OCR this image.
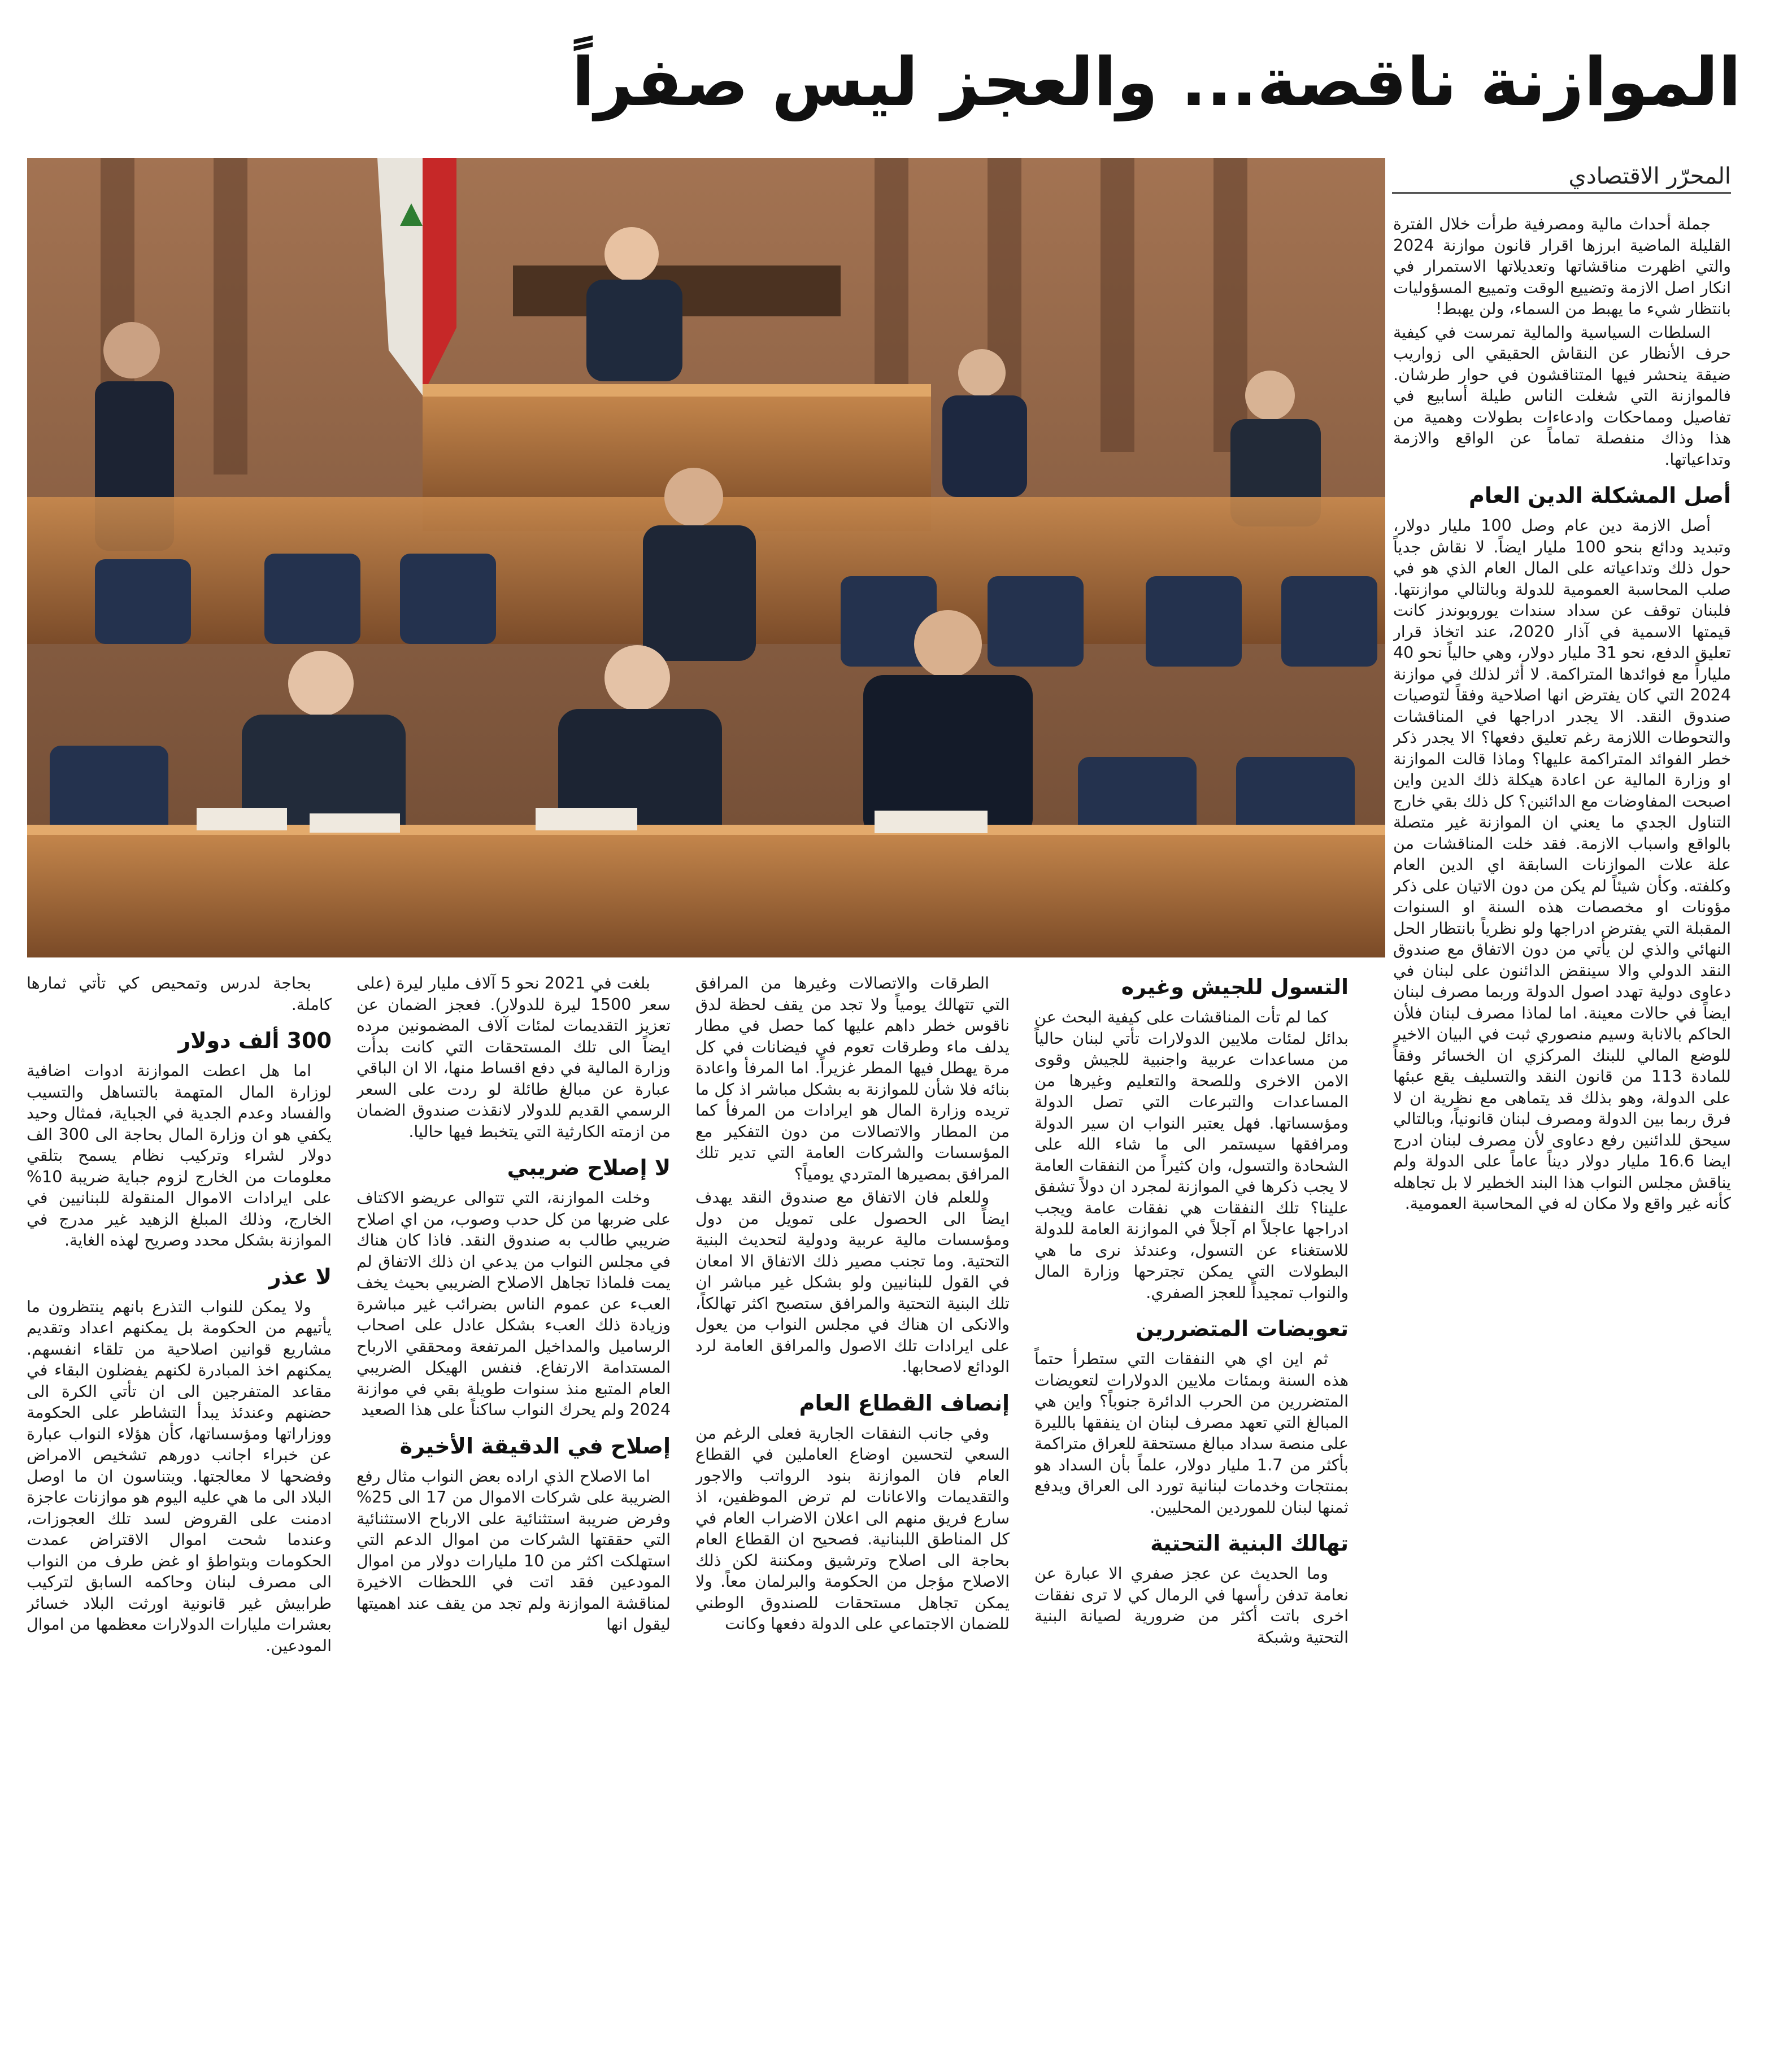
الموازنة ناقصة... والعجز ليس صفراً
المحرّر الاقتصادي

جملة أحداث مالية ومصرفية طرأت خلال الفترة القليلة الماضية ابرزها اقرار قانون موازنة 2024 والتي اظهرت مناقشاتها وتعديلاتها الاستمرار في انكار اصل الازمة وتضييع الوقت وتمييع المسؤوليات بانتظار شيء ما يهبط من السماء، ولن يهبط!

السلطات السياسية والمالية تمرست في كيفية حرف الأنظار عن النقاش الحقيقي الى زواريب ضيقة ينحشر فيها المتناقشون في حوار طرشان. فالموازنة التي شغلت الناس طيلة أسابيع في تفاصيل ومماحكات وادعاءات بطولات وهمية من هذا وذاك منفصلة تماماً عن الواقع والازمة وتداعياتها.

أصل المشكلة الدين العام

أصل الازمة دين عام وصل 100 مليار دولار، وتبديد ودائع بنحو 100 مليار ايضاً. لا نقاش جدياً حول ذلك وتداعياته على المال العام الذي هو في صلب المحاسبة العمومية للدولة وبالتالي موازنتها. فلبنان توقف عن سداد سندات يوروبوندز كانت قيمتها الاسمية في آذار 2020، عند اتخاذ قرار تعليق الدفع، نحو 31 مليار دولار، وهي حالياً نحو 40 ملياراً مع فوائدها المتراكمة. لا أثر لذلك في موازنة 2024 التي كان يفترض انها اصلاحية وفقاً لتوصيات صندوق النقد. الا يجدر ادراجها في المناقشات والتحوطات اللازمة رغم تعليق دفعها؟ الا يجدر ذكر خطر الفوائد المتراكمة عليها؟ وماذا قالت الموازنة او وزارة المالية عن اعادة هيكلة ذلك الدين واين اصبحت المفاوضات مع الدائنين؟ كل ذلك بقي خارج التناول الجدي ما يعني ان الموازنة غير متصلة بالواقع واسباب الازمة. فقد خلت المناقشات من علة علات الموازنات السابقة اي الدين العام وكلفته. وكأن شيئاً لم يكن من دون الاتيان على ذكر مؤونات او مخصصات هذه السنة او السنوات المقبلة التي يفترض ادراجها ولو نظرياً بانتظار الحل النهائي والذي لن يأتي من دون الاتفاق مع صندوق النقد الدولي والا سينقض الدائنون على لبنان في دعاوى دولية تهدد اصول الدولة وربما مصرف لبنان ايضاً في حالات معينة. اما لماذا مصرف لبنان فلأن الحاكم بالانابة وسيم منصوري ثبت في البيان الاخير للوضع المالي للبنك المركزي ان الخسائر وفقاً للمادة 113 من قانون النقد والتسليف يقع عبئها على الدولة، وهو بذلك قد يتماهى مع نظرية ان لا فرق ربما بين الدولة ومصرف لبنان قانونياً، وبالتالي سيحق للدائنين رفع دعاوى لأن مصرف لبنان ادرج ايضا 16.6 مليار دولار ديناً عاماً على الدولة ولم يناقش مجلس النواب هذا البند الخطير لا بل تجاهله كأنه غير واقع ولا مكان له في المحاسبة العمومية.

التسول للجيش وغيره

كما لم تأت المناقشات على كيفية البحث عن بدائل لمئات ملايين الدولارات تأتي لبنان حالياً من مساعدات عربية واجنبية للجيش وقوى الامن الاخرى وللصحة والتعليم وغيرها من المساعدات والتبرعات التي تصل الدولة ومؤسساتها. فهل يعتبر النواب ان سير الدولة ومرافقها سيستمر الى ما شاء الله على الشحادة والتسول، وان كثيراً من النفقات العامة لا يجب ذكرها في الموازنة لمجرد ان دولاً تشفق علينا؟ تلك النفقات هي نفقات عامة ويجب ادراجها عاجلاً ام آجلاً في الموازنة العامة للدولة للاستغناء عن التسول، وعندئذ نرى ما هي البطولات التي يمكن تجترحها وزارة المال والنواب تمجيداً للعجز الصفري.

تعويضات المتضررين

ثم اين اي هي النفقات التي ستطرأ حتماً هذه السنة وبمئات ملايين الدولارات لتعويضات المتضررين من الحرب الدائرة جنوباً؟ واين هي المبالغ التي تعهد مصرف لبنان ان ينفقها بالليرة على منصة سداد مبالغ مستحقة للعراق متراكمة بأكثر من 1.7 مليار دولار، علماً بأن السداد هو بمنتجات وخدمات لبنانية تورد الى العراق ويدفع ثمنها لبنان للموردين المحليين.

تهالك البنية التحتية

وما الحديث عن عجز صفري الا عبارة عن نعامة تدفن رأسها في الرمال كي لا ترى نفقات اخرى باتت أكثر من ضرورية لصيانة البنية التحتية وشبكة

الطرقات والاتصالات وغيرها من المرافق التي تتهالك يومياً ولا تجد من يقف لحظة لدق ناقوس خطر داهم عليها كما حصل في مطار يدلف ماء وطرقات تعوم في فيضانات في كل مرة يهطل فيها المطر غزيراً. اما المرفأ واعادة بنائه فلا شأن للموازنة به بشكل مباشر اذ كل ما تريده وزارة المال هو ايرادات من المرفأ كما من المطار والاتصالات من دون التفكير مع المؤسسات والشركات العامة التي تدير تلك المرافق بمصيرها المتردي يومياً؟

وللعلم فان الاتفاق مع صندوق النقد يهدف ايضاً الى الحصول على تمويل من دول ومؤسسات مالية عربية ودولية لتحديث البنية التحتية. وما تجنب مصير ذلك الاتفاق الا امعان في القول للبنانيين ولو بشكل غير مباشر ان تلك البنية التحتية والمرافق ستصبح اكثر تهالكاً، والانكى ان هناك في مجلس النواب من يعول على ايرادات تلك الاصول والمرافق العامة لرد الودائع لاصحابها.

إنصاف القطاع العام

وفي جانب النفقات الجارية فعلى الرغم من السعي لتحسين اوضاع العاملين في القطاع العام فان الموازنة بنود الرواتب والاجور والتقديمات والاعانات لم ترض الموظفين، اذ سارع فريق منهم الى اعلان الاضراب العام في كل المناطق اللبنانية. فصحيح ان القطاع العام بحاجة الى اصلاح وترشيق ومكننة لكن ذلك الاصلاح مؤجل من الحكومة والبرلمان معاً. ولا يمكن تجاهل مستحقات للصندوق الوطني للضمان الاجتماعي على الدولة دفعها وكانت

بلغت في 2021 نحو 5 آلاف مليار ليرة (على سعر 1500 ليرة للدولار). فعجز الضمان عن تعزيز التقديمات لمئات آلاف المضمونين مرده ايضاً الى تلك المستحقات التي كانت بدأت وزارة المالية في دفع اقساط منها، الا ان الباقي عبارة عن مبالغ طائلة لو ردت على السعر الرسمي القديم للدولار لانقذت صندوق الضمان من ازمته الكارثية التي يتخبط فيها حاليا.

لا إصلاح ضريبي

وخلت الموازنة، التي تتوالى عريضو الاكتاف على ضربها من كل حدب وصوب، من اي اصلاح ضريبي طالب به صندوق النقد. فاذا كان هناك في مجلس النواب من يدعي ان ذلك الاتفاق لم يمت فلماذا تجاهل الاصلاح الضريبي بحيث يخف العبء عن عموم الناس بضرائب غير مباشرة وزيادة ذلك العبء بشكل عادل على اصحاب الرساميل والمداخيل المرتفعة ومحققي الارباح المستدامة الارتفاع. فنفس الهيكل الضريبي العام المتبع منذ سنوات طويلة بقي في موازنة 2024 ولم يحرك النواب ساكناً على هذا الصعيد

إصلاح في الدقيقة الأخيرة

اما الاصلاح الذي اراده بعض النواب مثال رفع الضريبة على شركات الاموال من 17 الى 25% وفرض ضريبة استثنائية على الارباح الاستثنائية التي حققتها الشركات من اموال الدعم التي استهلكت اكثر من 10 مليارات دولار من اموال المودعين فقد اتت في اللحظات الاخيرة لمناقشة الموازنة ولم تجد من يقف عند اهميتها ليقول انها

بحاجة لدرس وتمحيص كي تأتي ثمارها كاملة.

300 ألف دولار

اما هل اعطت الموازنة ادوات اضافية لوزارة المال المتهمة بالتساهل والتسيب والفساد وعدم الجدية في الجباية، فمثال وحيد يكفي هو ان وزارة المال بحاجة الى 300 الف دولار لشراء وتركيب نظام يسمح بتلقي معلومات من الخارج لزوم جباية ضريبة 10% على ايرادات الاموال المنقولة للبنانيين في الخارج، وذلك المبلغ الزهيد غير مدرج في الموازنة بشكل محدد وصريح لهذه الغاية.

لا عذر

ولا يمكن للنواب التذرع بانهم ينتظرون ما يأتيهم من الحكومة بل يمكنهم اعداد وتقديم مشاريع قوانين اصلاحية من تلقاء انفسهم. يمكنهم اخذ المبادرة لكنهم يفضلون البقاء في مقاعد المتفرجين الى ان تأتي الكرة الى حضنهم وعندئذ يبدأ التشاطر على الحكومة ووزاراتها ومؤسساتها، كأن هؤلاء النواب عبارة عن خبراء اجانب دورهم تشخيص الامراض وفضحها لا معالجتها. ويتناسون ان ما اوصل البلاد الى ما هي عليه اليوم هو موازنات عاجزة ادمنت على القروض لسد تلك العجوزات، وعندما شحت اموال الاقتراض عمدت الحكومات وبتواطؤ او غض طرف من النواب الى مصرف لبنان وحاكمه السابق لتركيب طرابيش غير قانونية اورثت البلاد خسائر بعشرات مليارات الدولارات معظمها من اموال المودعين.
